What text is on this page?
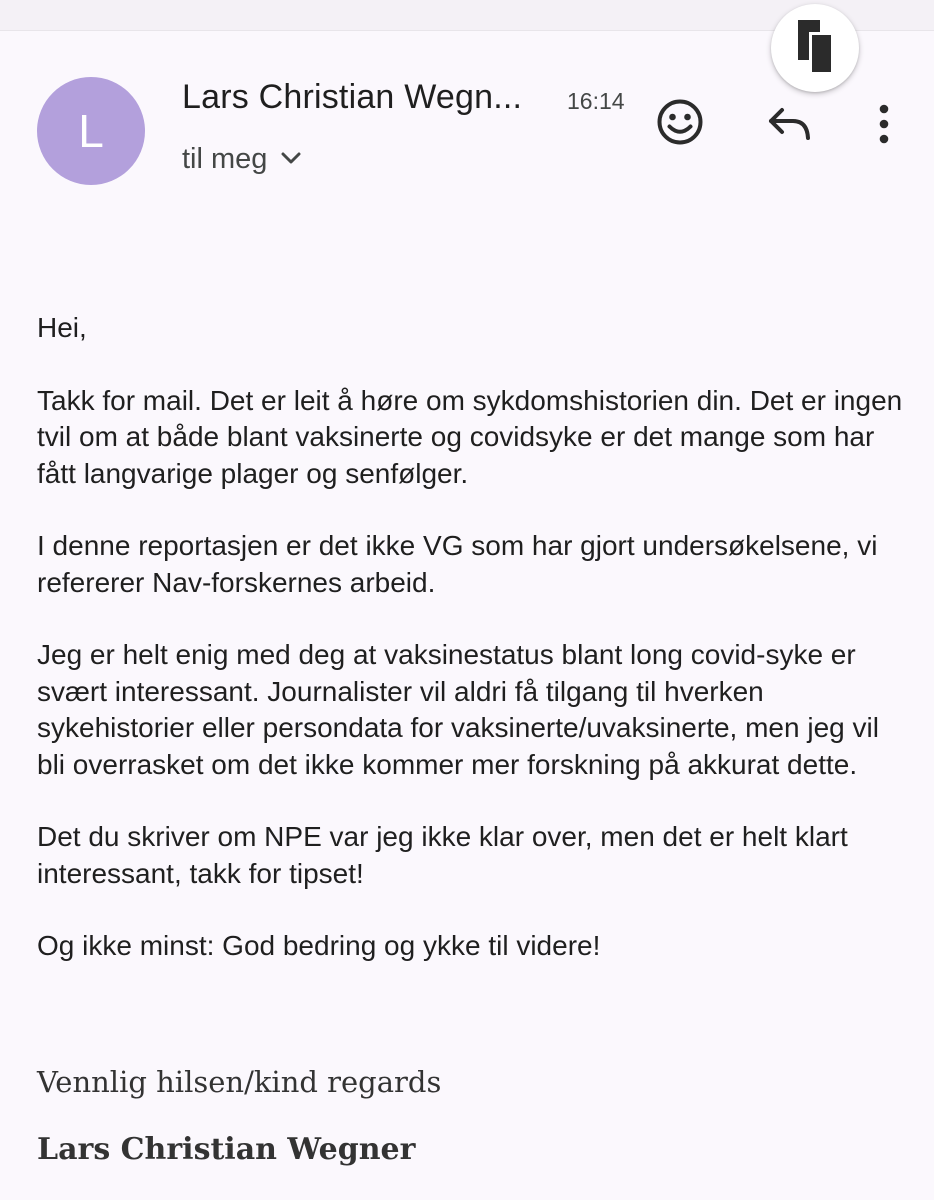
L
Lars Christian Wegn... 16:14
til meg

Hei,

Takk for mail. Det er leit å høre om sykdomshistorien din. Det er ingen tvil om at både blant vaksinerte og covidsyke er det mange som har fått langvarige plager og senfølger.

I denne reportasjen er det ikke VG som har gjort undersøkelsene, vi refererer Nav-forskernes arbeid.

Jeg er helt enig med deg at vaksinestatus blant long covid-syke er svært interessant. Journalister vil aldri få tilgang til hverken sykehistorier eller persondata for vaksinerte/uvaksinerte, men jeg vil bli overrasket om det ikke kommer mer forskning på akkurat dette.

Det du skriver om NPE var jeg ikke klar over, men det er helt klart interessant, takk for tipset!

Og ikke minst: God bedring og ykke til videre!

Vennlig hilsen/kind regards
Lars Christian Wegner
